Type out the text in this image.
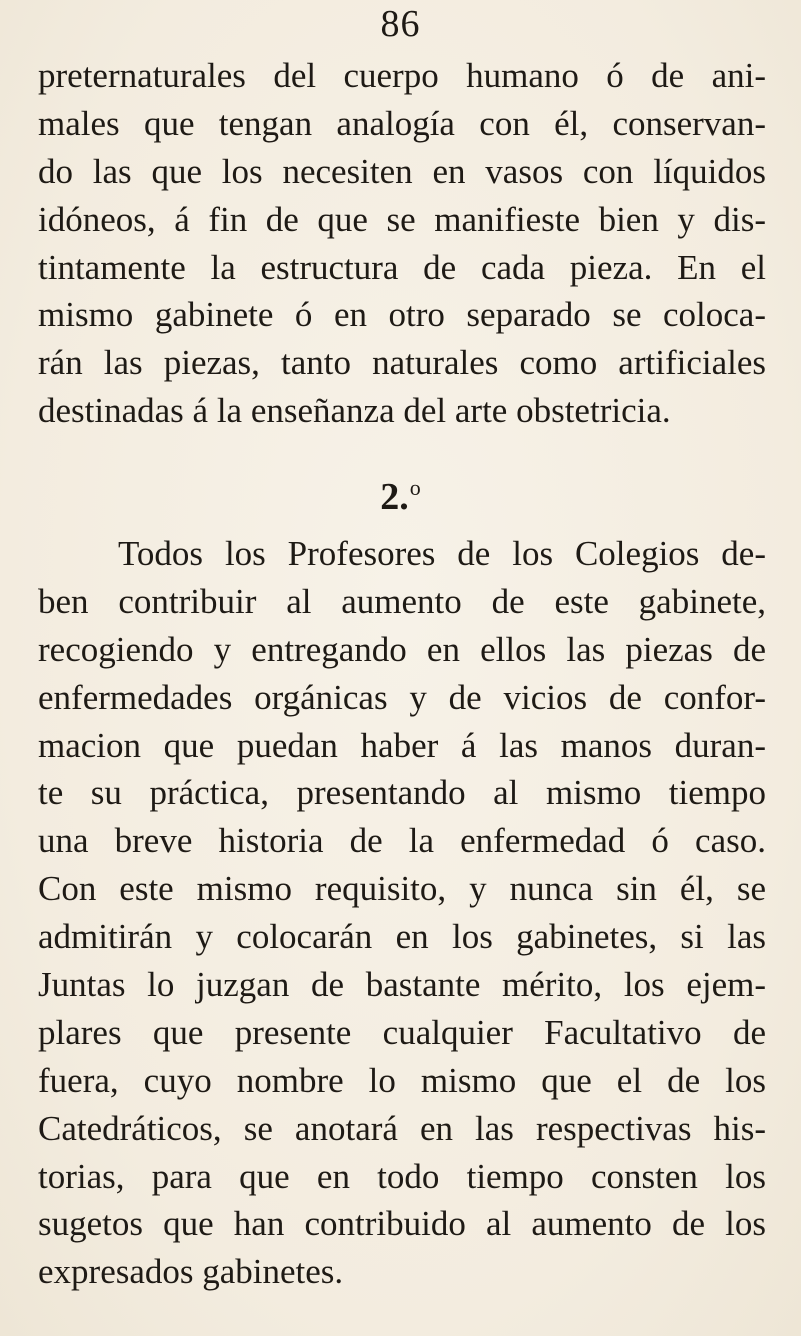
86
preternaturales del cuerpo humano ó de ani-
males que tengan analogía con él, conservan-
do las que los necesiten en vasos con líquidos
idóneos, á fin de que se manifieste bien y dis-
tintamente la estructura de cada pieza. En el
mismo gabinete ó en otro separado se coloca-
rán las piezas, tanto naturales como artificiales
destinadas á la enseñanza del arte obstetricia.
2.$^o$
Todos los Profesores de los Colegios de-
ben contribuir al aumento de este gabinete,
recogiendo y entregando en ellos las piezas de
enfermedades orgánicas y de vicios de confor-
macion que puedan haber á las manos duran-
te su práctica, presentando al mismo tiempo
una breve historia de la enfermedad ó caso.
Con este mismo requisito, y nunca sin él, se
admitirán y colocarán en los gabinetes, si las
Juntas lo juzgan de bastante mérito, los ejem-
plares que presente cualquier Facultativo de
fuera, cuyo nombre lo mismo que el de los
Catedráticos, se anotará en las respectivas his-
torias, para que en todo tiempo consten los
sugetos que han contribuido al aumento de los
expresados gabinetes.
